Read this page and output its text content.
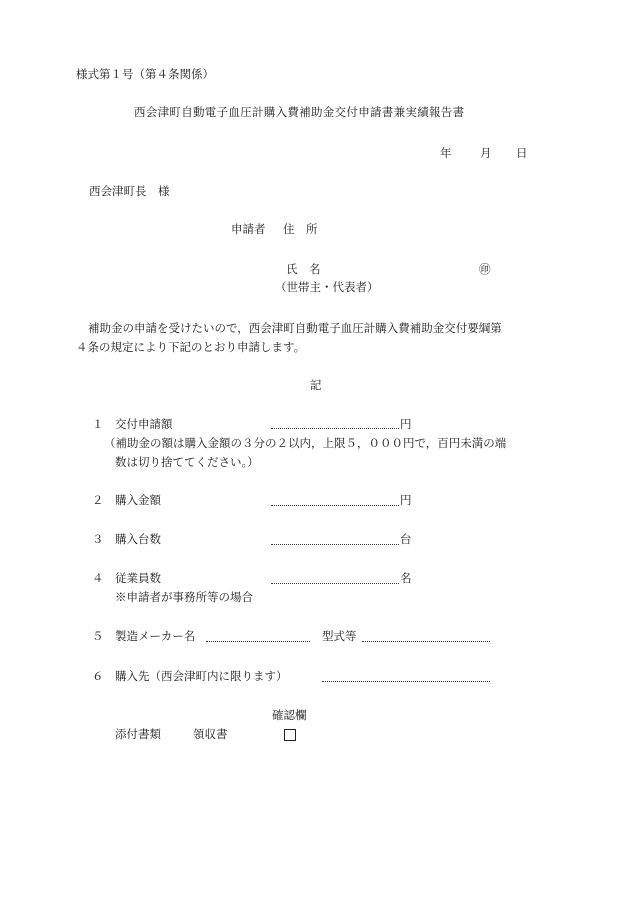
様式第１号（第４条関係）
西会津町自動電子血圧計購入費補助金交付申請書兼実績報告書
年 月 日
西会津町長　様
申請者 住　所
氏　名	㊞
（世帯主・代表者）
補助金の申請を受けたいので，西会津町自動電子血圧計購入費補助金交付要綱第
４条の規定により下記のとおり申請します。
記
１ 交付申請額	円
（補助金の額は購入金額の３分の２以内，上限５，０００円で，百円未満の端
数は切り捨ててください。）
２ 購入金額	円
３ 購入台数	台
４ 従業員数	名
※申請者が事務所等の場合
５ 製造メーカー名	型式等
６ 購入先（西会津町内に限ります）
確認欄
添付書類	領収書
